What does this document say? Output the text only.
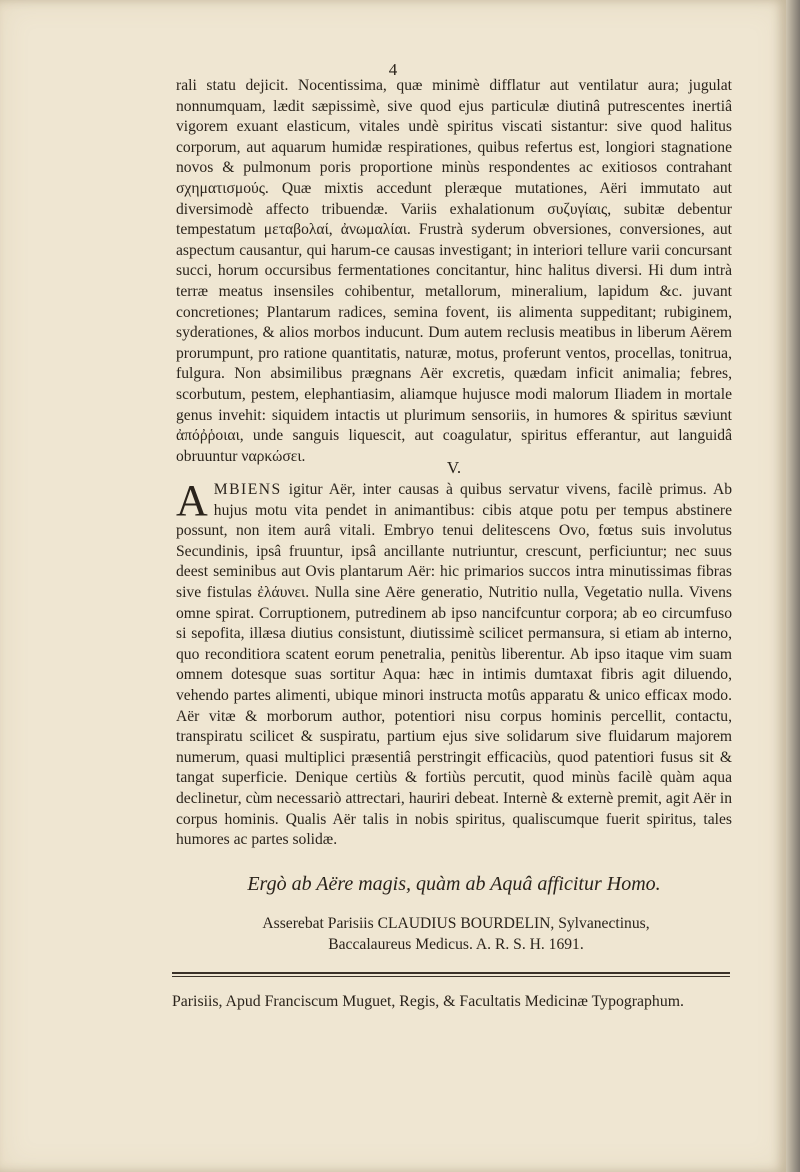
4

rali statu dejicit. Nocentissima, quæ minimè difflatur aut ventilatur aura; jugulat nonnumquam, lædit sæpissimè, sive quod ejus particulæ diutinâ putrescentes inertiâ vigorem exuant elasticum, vitales undè spiritus viscati sistantur: sive quod halitus corporum, aut aquarum humidæ respirationes, quibus refertus est, longiori stagnatione novos & pulmonum poris proportione minùs respondentes ac exitiosos contrahant σχηματισμούς. Quæ mixtis accedunt pleræque mutationes, Aëri immutato aut diversimodè affecto tribuendæ. Variis exhalationum συζυγίαις, subitæ debentur tempestatum μεταβολαί, ἀνωμαλίαι. Frustrà syderum obversiones, conversiones, aut aspectum causantur, qui harum-ce causas investigant; in interiori tellure varii concursant succi, horum occursibus fermentationes concitantur, hinc halitus diversi. Hi dum intrà terræ meatus insensiles cohibentur, metallorum, mineralium, lapidum &c. juvant concretiones; Plantarum radices, semina fovent, iis alimenta suppeditant; rubiginem, syderationes, & alios morbos inducunt. Dum autem reclusis meatibus in liberum Aërem prorumpunt, pro ratione quantitatis, naturæ, motus, proferunt ventos, procellas, tonitrua, fulgura. Non absimilibus prægnans Aër excretis, quædam inficit animalia; febres, scorbutum, pestem, elephantiasim, aliamque hujusce modi malorum Iliadem in mortale genus invehit: siquidem intactis ut plurimum sensoriis, in humores & spiritus sæviunt ἀπόῤῥοιαι, unde sanguis liquescit, aut coagulatur, spiritus efferantur, aut languidâ obruuntur ναρκώσει.

V.

AMBIENS igitur Aër, inter causas à quibus servatur vivens, facilè primus. Ab hujus motu vita pendet in animantibus: cibis atque potu per tempus abstinere possunt, non item aurâ vitali. Embryo tenui delitescens Ovo, fœtus suis involutus Secundinis, ipsâ fruuntur, ipsâ ancillante nutriuntur, crescunt, perficiuntur; nec suus deest seminibus aut Ovis plantarum Aër: hic primarios succos intra minutissimas fibras sive fistulas ἐλάυνει. Nulla sine Aëre generatio, Nutritio nulla, Vegetatio nulla. Vivens omne spirat. Corruptionem, putredinem ab ipso nancifcuntur corpora; ab eo circumfuso si sepofita, illæsa diutius consistunt, diutissimè scilicet permansura, si etiam ab interno, quo reconditiora scatent eorum penetralia, penitùs liberentur. Ab ipso itaque vim suam omnem dotesque suas sortitur Aqua: hæc in intimis dumtaxat fibris agit diluendo, vehendo partes alimenti, ubique minori instructa motûs apparatu & unico efficax modo. Aër vitæ & morborum author, potentiori nisu corpus hominis percellit, contactu, transpiratu scilicet & suspiratu, partium ejus sive solidarum sive fluidarum majorem numerum, quasi multiplici præsentiâ perstringit efficaciùs, quod patentiori fusus sit & tangat superficie. Denique certiùs & fortiùs percutit, quod minùs facilè quàm aqua declinetur, cùm necessariò attrectari, hauriri debeat. Internè & externè premit, agit Aër in corpus hominis. Qualis Aër talis in nobis spiritus, qualiscumque fuerit spiritus, tales humores ac partes solidæ.

Ergò ab Aëre magis, quàm ab Aquâ afficitur Homo.
Asserebat Parisiis CLAUDIUS BOURDELIN, Sylvanectinus,
Baccalaureus Medicus. A. R. S. H. 1691.
Parisiis, Apud Franciscum Muguet, Regis, & Facultatis Medicinæ Typographum.
